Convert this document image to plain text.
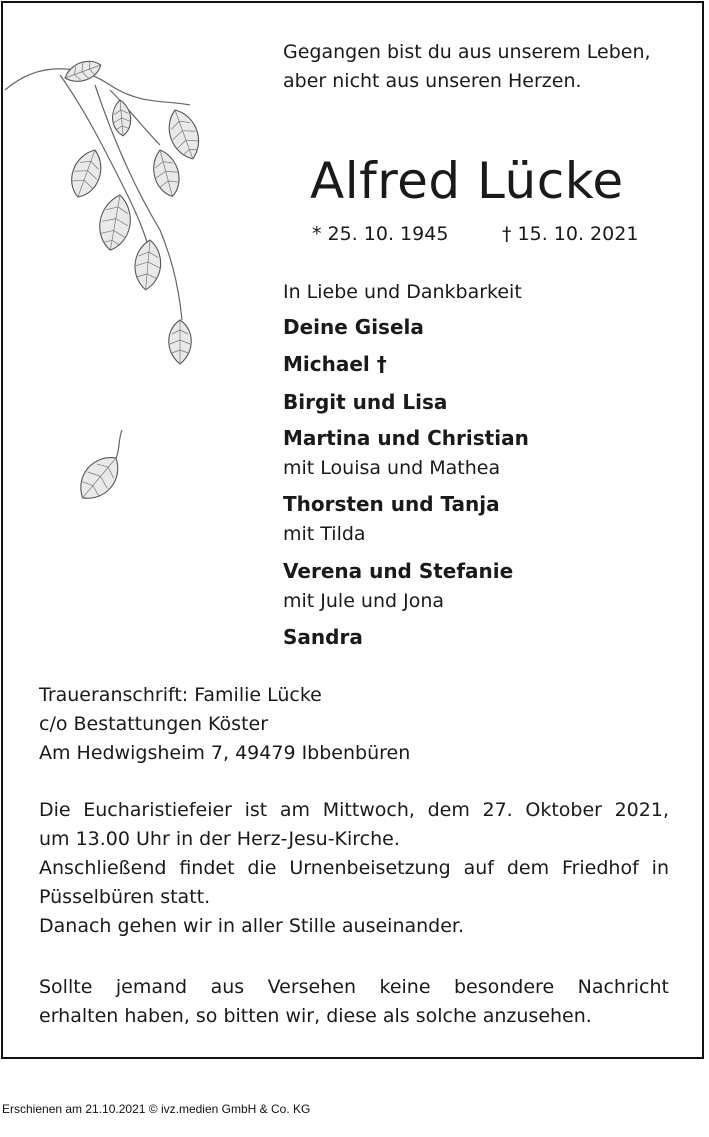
Gegangen bist du aus unserem Leben,
aber nicht aus unseren Herzen.
Alfred Lücke
* 25. 10. 1945	† 15. 10. 2021
In Liebe und Dankbarkeit
Deine Gisela
Michael †
Birgit und Lisa
Martina und Christian
mit Louisa und Mathea
Thorsten und Tanja
mit Tilda
Verena und Stefanie
mit Jule und Jona
Sandra
Traueranschrift: Familie Lücke
c/o Bestattungen Köster
Am Hedwigsheim 7, 49479 Ibbenbüren
Die Eucharistiefeier ist am Mittwoch, dem 27. Oktober 2021,
um 13.00 Uhr in der Herz-Jesu-Kirche.
Anschließend findet die Urnenbeisetzung auf dem Friedhof in
Püsselbüren statt.
Danach gehen wir in aller Stille auseinander.
Sollte jemand aus Versehen keine besondere Nachricht
erhalten haben, so bitten wir, diese als solche anzusehen.
Erschienen am 21.10.2021 © ivz.medien GmbH & Co. KG
